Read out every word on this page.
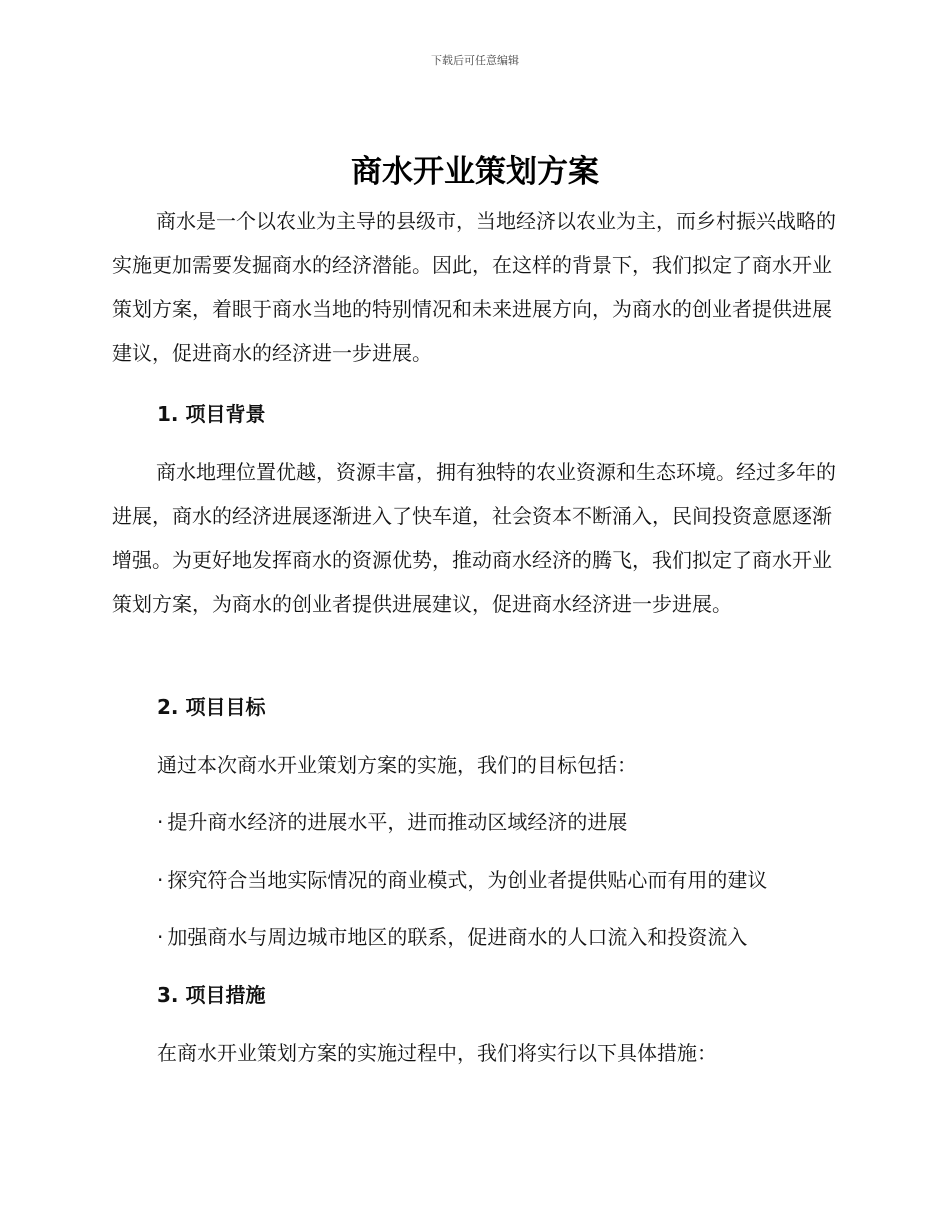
下载后可任意编辑
商水开业策划方案

商水是一个以农业为主导的县级市，当地经济以农业为主，而乡村振兴战略的实施更加需要发掘商水的经济潜能。因此，在这样的背景下，我们拟定了商水开业策划方案，着眼于商水当地的特别情况和未来进展方向，为商水的创业者提供进展建议，促进商水的经济进一步进展。

1. 项目背景

商水地理位置优越，资源丰富，拥有独特的农业资源和生态环境。经过多年的进展，商水的经济进展逐渐进入了快车道，社会资本不断涌入，民间投资意愿逐渐增强。为更好地发挥商水的资源优势，推动商水经济的腾飞，我们拟定了商水开业策划方案，为商水的创业者提供进展建议，促进商水经济进一步进展。

2. 项目目标
通过本次商水开业策划方案的实施，我们的目标包括：
· 提升商水经济的进展水平，进而推动区域经济的进展
· 探究符合当地实际情况的商业模式，为创业者提供贴心而有用的建议
· 加强商水与周边城市地区的联系，促进商水的人口流入和投资流入
3. 项目措施
在商水开业策划方案的实施过程中，我们将实行以下具体措施：
